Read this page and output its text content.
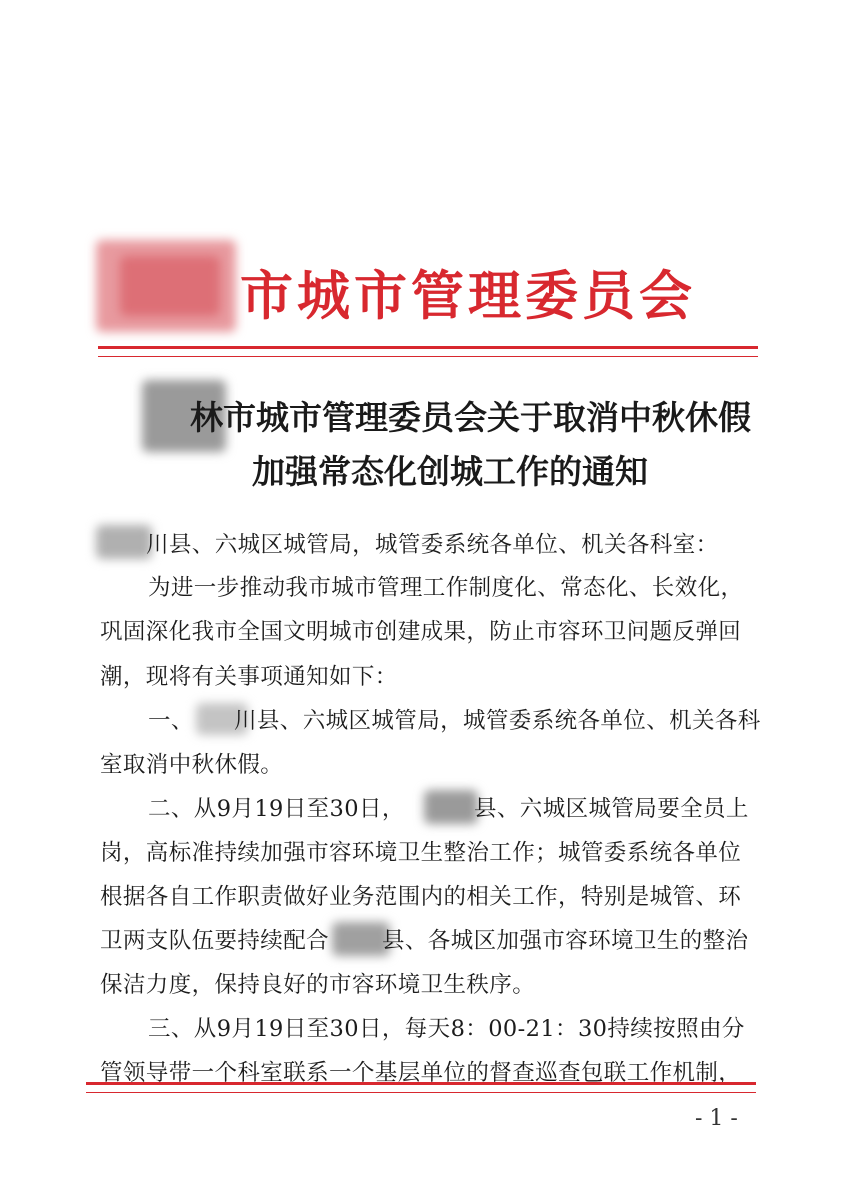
市城市管理委员会
林市城市管理委员会关于取消中秋休假
加强常态化创城工作的通知
川县、六城区城管局，城管委系统各单位、机关各科室：
为进一步推动我市城市管理工作制度化、常态化、长效化，
巩固深化我市全国文明城市创建成果，防止市容环卫问题反弹回
潮，现将有关事项通知如下：
一、 川县、六城区城管局，城管委系统各单位、机关各科
室取消中秋休假。
二、从9月19日至30日，	县、六城区城管局要全员上
岗，高标准持续加强市容环境卫生整治工作；城管委系统各单位
根据各自工作职责做好业务范围内的相关工作，特别是城管、环
卫两支队伍要持续配合 县、各城区加强市容环境卫生的整治
保洁力度，保持良好的市容环境卫生秩序。
三、从9月19日至30日，每天8：00-21：30持续按照由分
管领导带一个科室联系一个基层单位的督查巡查包联工作机制，
- 1 -
